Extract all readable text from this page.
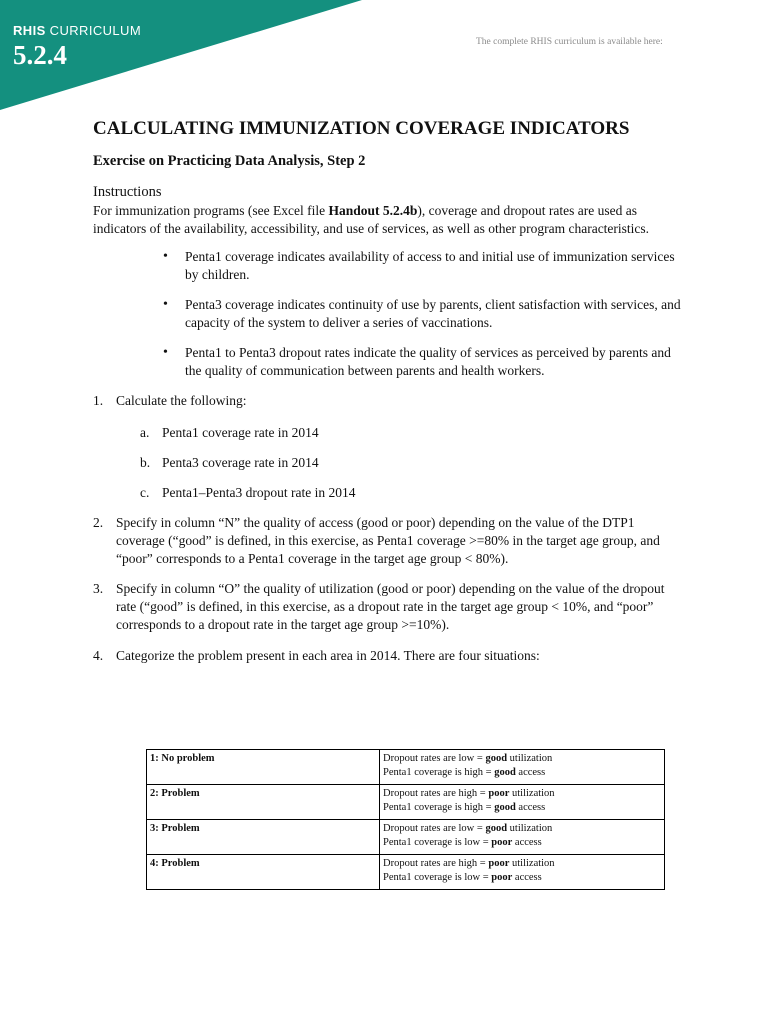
RHIS CURRICULUM
5.2.4	The complete RHIS curriculum is available here:
CALCULATING IMMUNIZATION COVERAGE INDICATORS
Exercise on Practicing Data Analysis, Step 2
Instructions

For immunization programs (see Excel file Handout 5.2.4b), coverage and dropout rates are used as indicators of the availability, accessibility, and use of services, as well as other program characteristics.

• Penta1 coverage indicates availability of access to and initial use of immunization services by children.
• Penta3 coverage indicates continuity of use by parents, client satisfaction with services, and capacity of the system to deliver a series of vaccinations.
• Penta1 to Penta3 dropout rates indicate the quality of services as perceived by parents and the quality of communication between parents and health workers.
1. Calculate the following:
a. Penta1 coverage rate in 2014
b. Penta3 coverage rate in 2014
c. Penta1–Penta3 dropout rate in 2014
2. Specify in column “N” the quality of access (good or poor) depending on the value of the DTP1 coverage (“good” is defined, in this exercise, as Penta1 coverage >=80% in the target age group, and “poor” corresponds to a Penta1 coverage in the target age group < 80%).
3. Specify in column “O” the quality of utilization (good or poor) depending on the value of the dropout rate (“good” is defined, in this exercise, as a dropout rate in the target age group < 10%, and “poor” corresponds to a dropout rate in the target age group >=10%).
4. Categorize the problem present in each area in 2014. There are four situations:
1: No problem	Dropout rates are low = good utilization
Penta1 coverage is high = good access

2: Problem	Dropout rates are high = poor utilization
Penta1 coverage is high = good access

3: Problem	Dropout rates are low = good utilization
Penta1 coverage is low = poor access

4: Problem	Dropout rates are high = poor utilization
Penta1 coverage is low = poor access
